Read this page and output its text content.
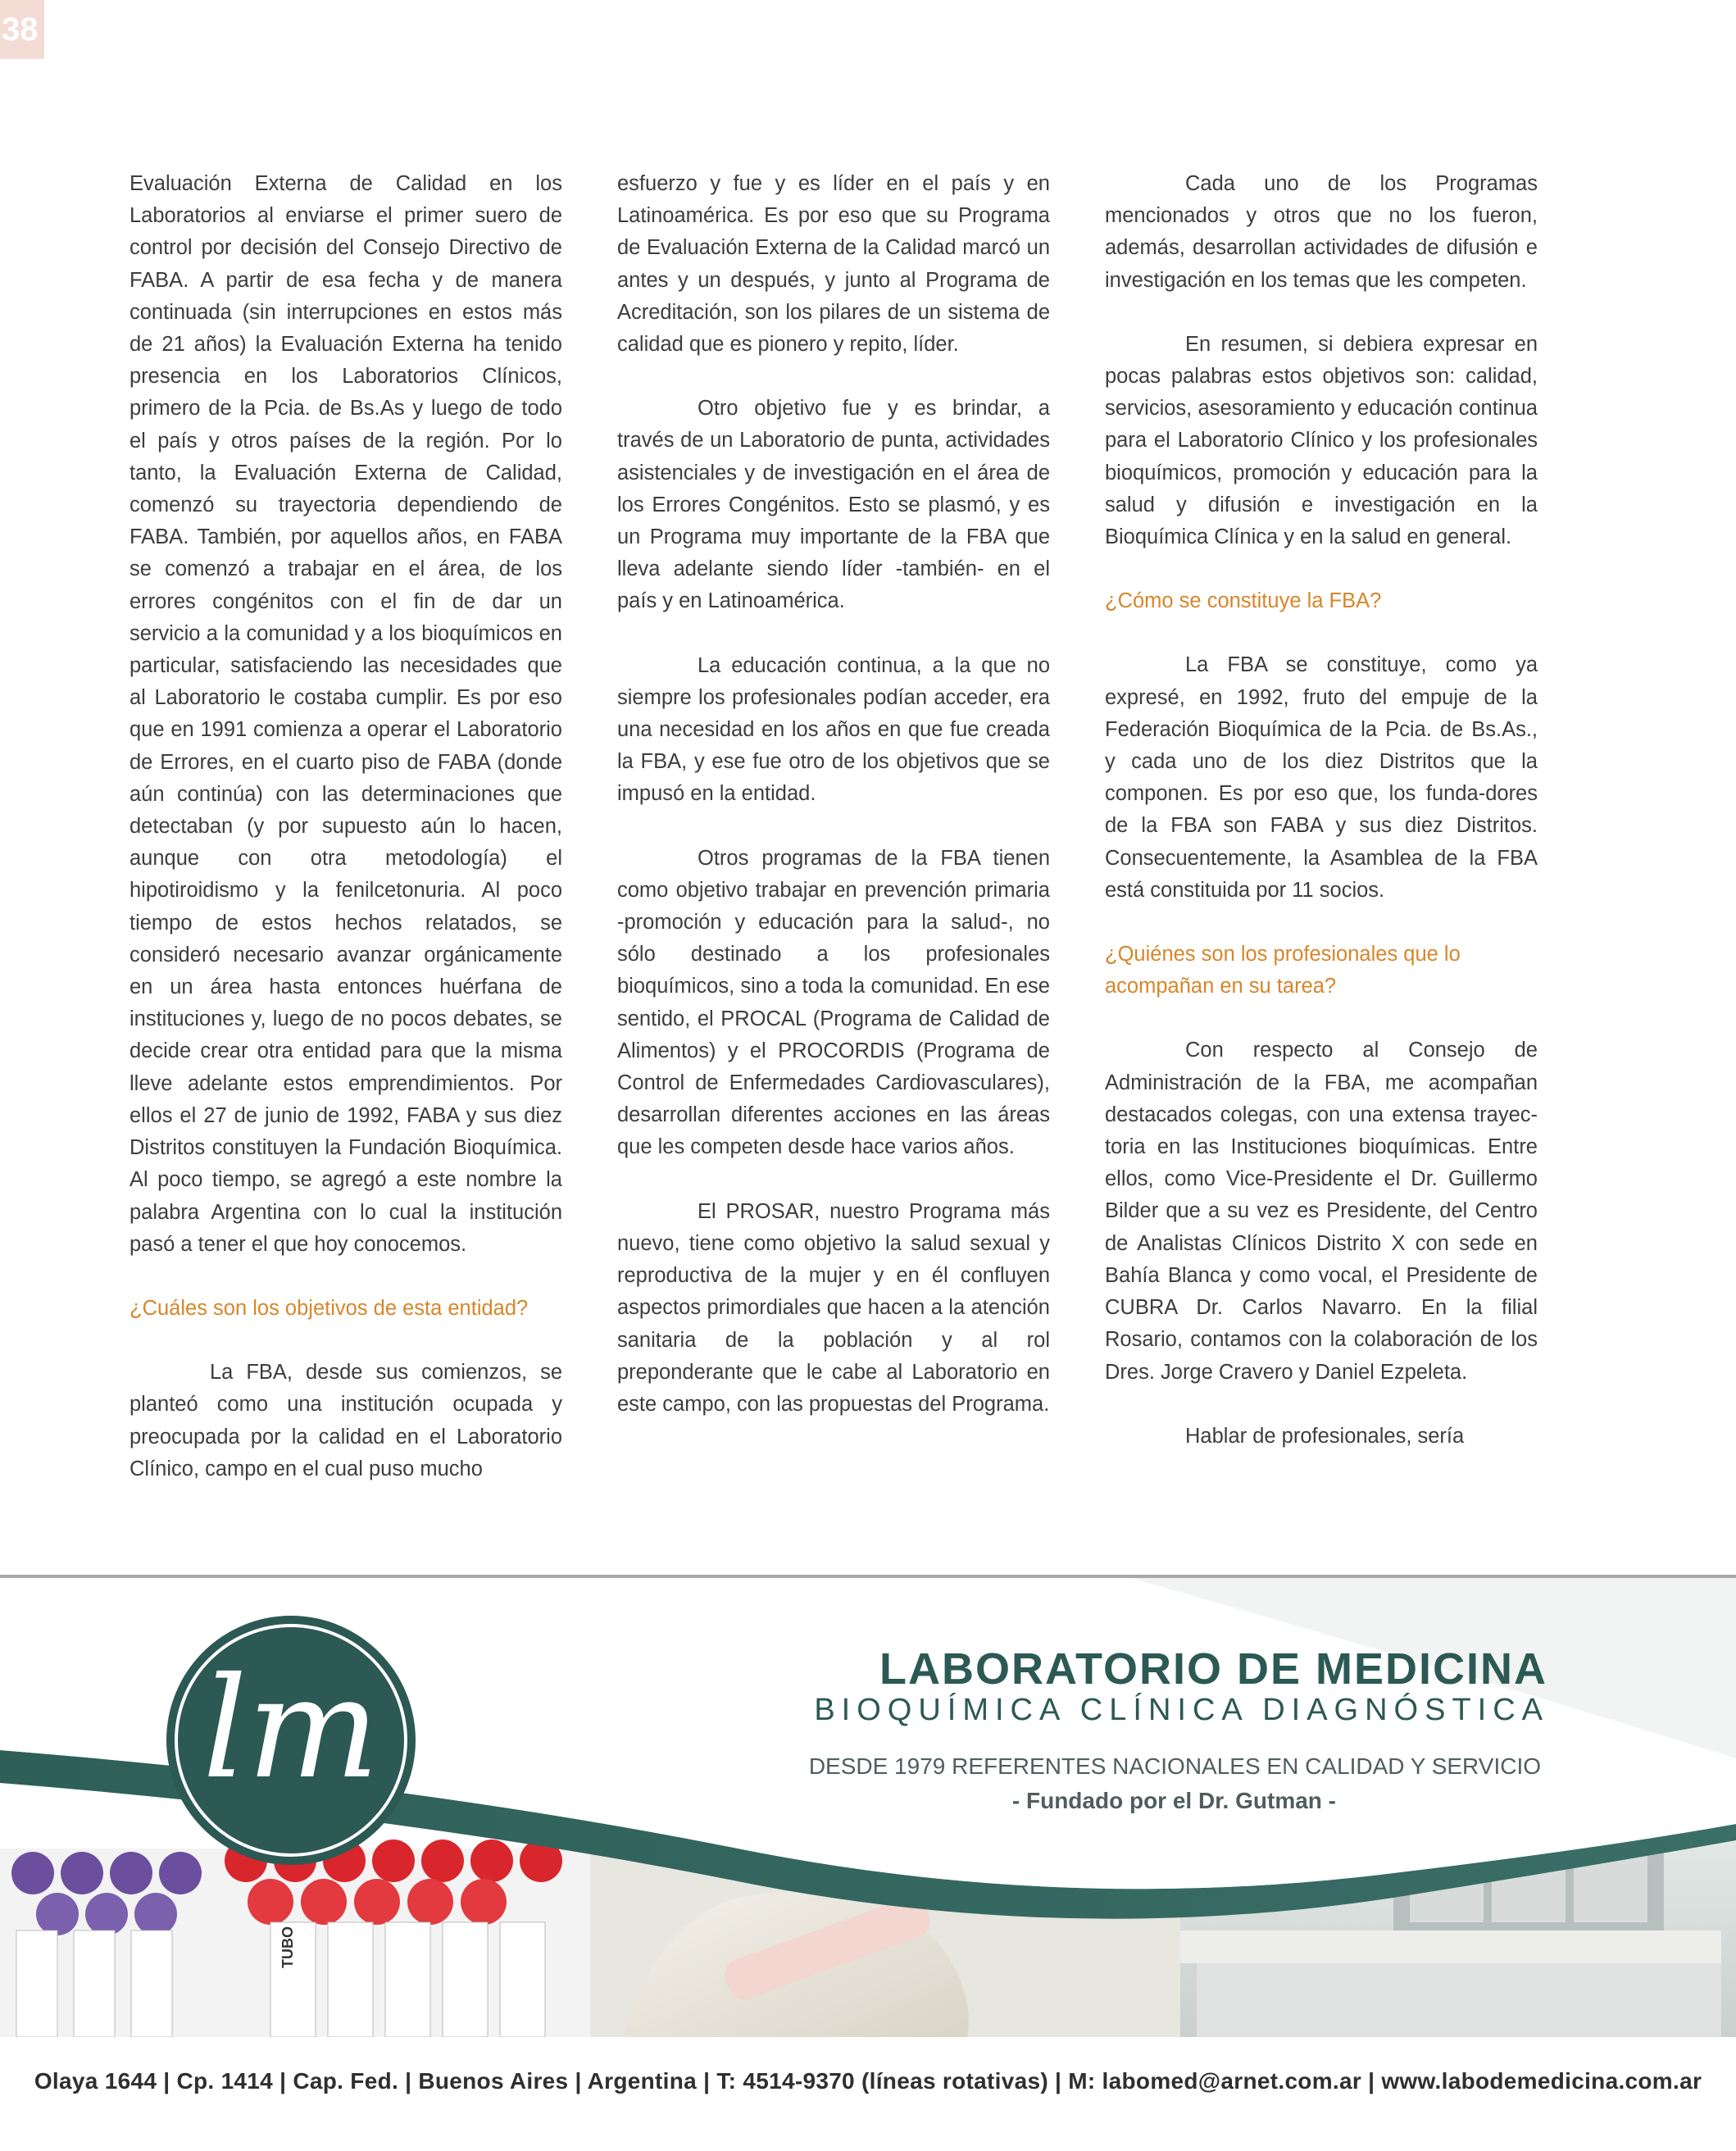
38

Evaluación Externa de Calidad en los Laboratorios al enviarse el primer suero de control por decisión del Consejo Directivo de FABA. A partir de esa fecha y de manera continuada (sin interrupciones en estos más de 21 años) la Evaluación Externa ha tenido presencia en los Laboratorios Clínicos, primero de la Pcia. de Bs.As y luego de todo el país y otros países de la región. Por lo tanto, la Evaluación Externa de Calidad, comenzó su trayectoria dependiendo de FABA. También, por aquellos años, en FABA se comenzó a trabajar en el área, de los errores congénitos con el fin de dar un servicio a la comunidad y a los bioquímicos en particular, satisfaciendo las necesidades que al Laboratorio le costaba cumplir. Es por eso que en 1991 comienza a operar el Laboratorio de Errores, en el cuarto piso de FABA (donde aún continúa) con las determinaciones que detectaban (y por supuesto aún lo hacen, aunque con otra metodología) el hipotiroidismo y la fenilcetonuria. Al poco tiempo de estos hechos relatados, se consideró necesario avanzar orgánicamente en un área hasta entonces huérfana de instituciones y, luego de no pocos debates, se decide crear otra entidad para que la misma lleve adelante estos emprendimientos. Por ellos el 27 de junio de 1992, FABA y sus diez Distritos constituyen la Fundación Bioquímica. Al poco tiempo, se agregó a este nombre la palabra Argentina con lo cual la institución pasó a tener el que hoy conocemos.

¿Cuáles son los objetivos de esta entidad?

La FBA, desde sus comienzos, se planteó como una institución ocupada y preocupada por la calidad en el Laboratorio Clínico, campo en el cual puso mucho

esfuerzo y fue y es líder en el país y en Latinoamérica. Es por eso que su Programa de Evaluación Externa de la Calidad marcó un antes y un después, y junto al Programa de Acreditación, son los pilares de un sistema de calidad que es pionero y repito, líder.

Otro objetivo fue y es brindar, a través de un Laboratorio de punta, actividades asistenciales y de investigación en el área de los Errores Congénitos. Esto se plasmó, y es un Programa muy importante de la FBA que lleva adelante siendo líder -también- en el país y en Latinoamérica.

La educación continua, a la que no siempre los profesionales podían acceder, era una necesidad en los años en que fue creada la FBA, y ese fue otro de los objetivos que se impusó en la entidad.

Otros programas de la FBA tienen como objetivo trabajar en prevención primaria -promoción y educación para la salud-, no sólo destinado a los profesionales bioquímicos, sino a toda la comunidad. En ese sentido, el PROCAL (Programa de Calidad de Alimentos) y el PROCORDIS (Programa de Control de Enfermedades Cardiovasculares), desarrollan diferentes acciones en las áreas que les competen desde hace varios años.

El PROSAR, nuestro Programa más nuevo, tiene como objetivo la salud sexual y reproductiva de la mujer y en él confluyen aspectos primordiales que hacen a la atención sanitaria de la población y al rol preponderante que le cabe al Laboratorio en este campo, con las propuestas del Programa.

Cada uno de los Programas mencionados y otros que no los fueron, además, desarrollan actividades de difusión e investigación en los temas que les competen.

En resumen, si debiera expresar en pocas palabras estos objetivos son: calidad, servicios, asesoramiento y educación continua para el Laboratorio Clínico y los profesionales bioquímicos, promoción y educación para la salud y difusión e investigación en la Bioquímica Clínica y en la salud en general.

¿Cómo se constituye la FBA?

La FBA se constituye, como ya expresé, en 1992, fruto del empuje de la Federación Bioquímica de la Pcia. de Bs.As., y cada uno de los diez Distritos que la componen. Es por eso que, los funda-dores de la FBA son FABA y sus diez Distritos. Consecuentemente, la Asamblea de la FBA está constituida por 11 socios.

¿Quiénes son los profesionales que lo acompañan en su tarea?

Con respecto al Consejo de Administración de la FBA, me acompañan destacados colegas, con una extensa trayec-toria en las Instituciones bioquímicas. Entre ellos, como Vice-Presidente el Dr. Guillermo Bilder que a su vez es Presidente, del Centro de Analistas Clínicos Distrito X con sede en Bahía Blanca y como vocal, el Presidente de CUBRA Dr. Carlos Navarro. En la filial Rosario, contamos con la colaboración de los Dres. Jorge Cravero y Daniel Ezpeleta.

Hablar de profesionales, sería

lm	LABORATORIO DE MEDICINA
BIOQUÍMICA CLÍNICA DIAGNÓSTICA
DESDE 1979 REFERENTES NACIONALES EN CALIDAD Y SERVICIO
- Fundado por el Dr. Gutman -
TUBO
Olaya 1644 | Cp. 1414 | Cap. Fed. | Buenos Aires | Argentina | T: 4514-9370 (líneas rotativas) | M: labomed@arnet.com.ar | www.labodemedicina.com.ar
